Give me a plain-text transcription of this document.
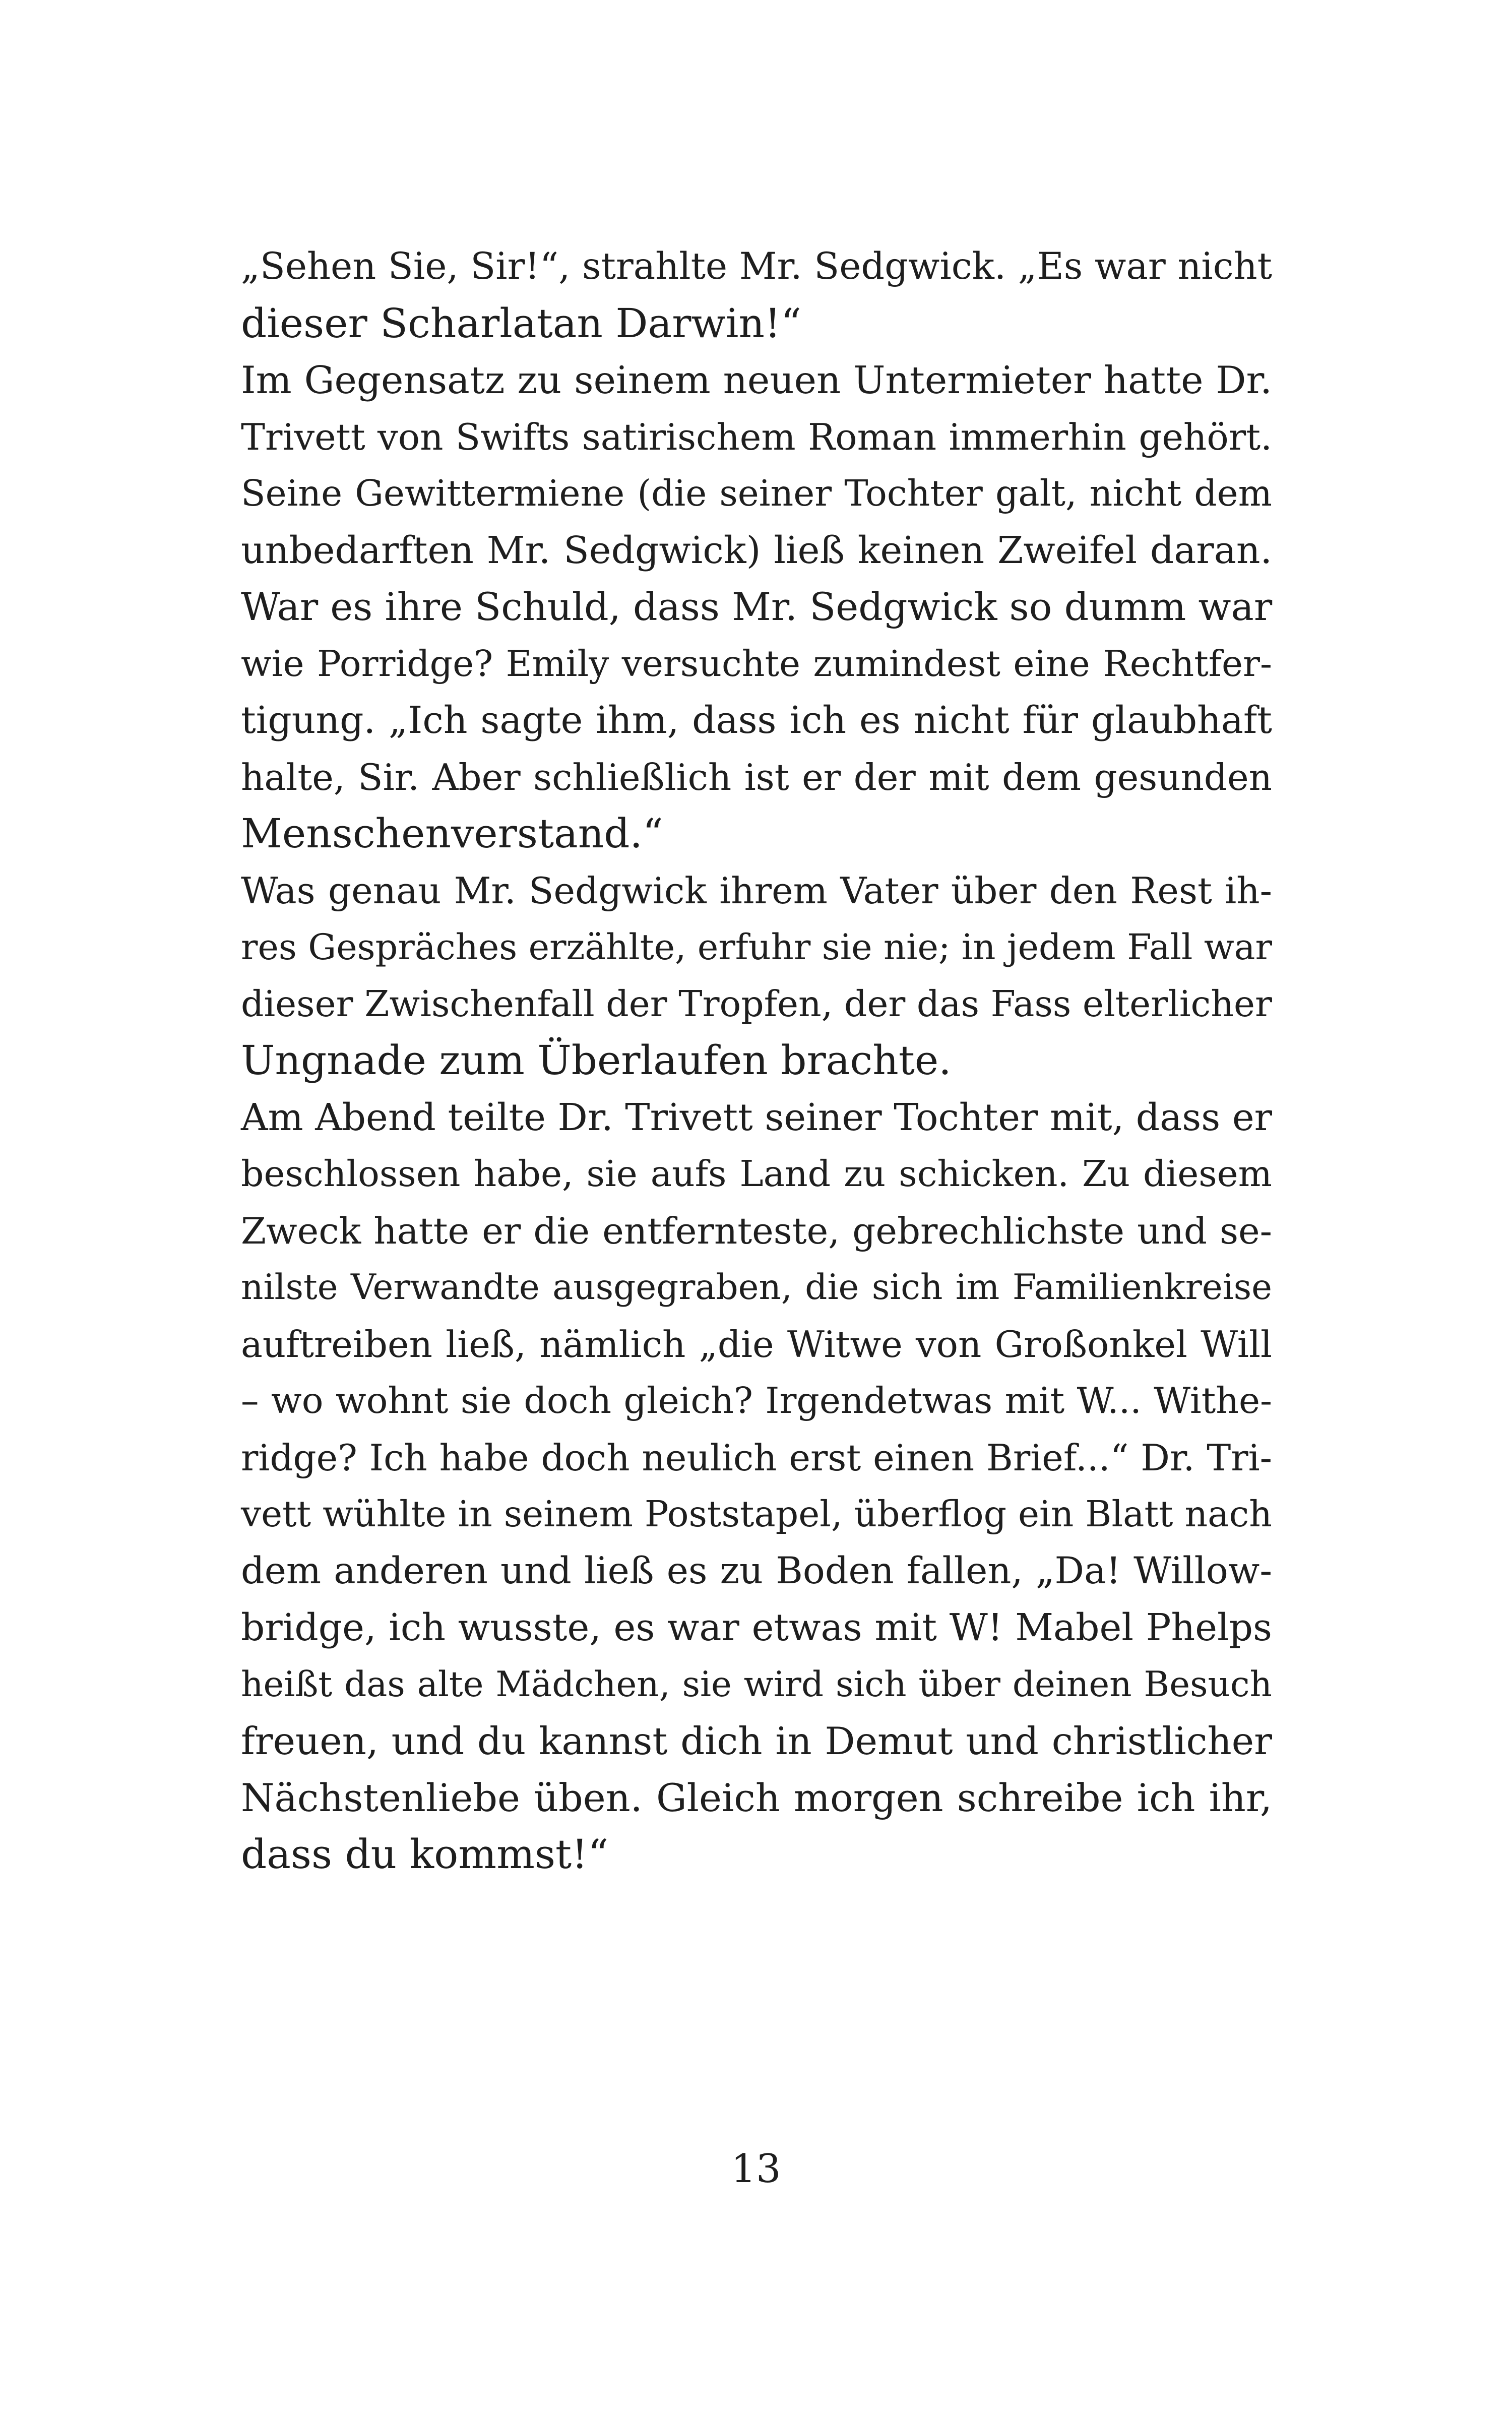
„Sehen Sie, Sir!“, strahlte Mr. Sedgwick. „Es war nicht
dieser Scharlatan Darwin!“
Im Gegensatz zu seinem neuen Untermieter hatte Dr.
Trivett von Swifts satirischem Roman immerhin gehört.
Seine Gewittermiene (die seiner Tochter galt, nicht dem
unbedarften Mr. Sedgwick) ließ keinen Zweifel daran.
War es ihre Schuld, dass Mr. Sedgwick so dumm war
wie Porridge? Emily versuchte zumindest eine Rechtfer-
tigung. „Ich sagte ihm, dass ich es nicht für glaubhaft
halte, Sir. Aber schließlich ist er der mit dem gesunden
Menschenverstand.“
Was genau Mr. Sedgwick ihrem Vater über den Rest ih-
res Gespräches erzählte, erfuhr sie nie; in jedem Fall war
dieser Zwischenfall der Tropfen, der das Fass elterlicher
Ungnade zum Überlaufen brachte.
Am Abend teilte Dr. Trivett seiner Tochter mit, dass er
beschlossen habe, sie aufs Land zu schicken. Zu diesem
Zweck hatte er die entfernteste, gebrechlichste und se-
nilste Verwandte ausgegraben, die sich im Familienkreise
auftreiben ließ, nämlich „die Witwe von Großonkel Will
– wo wohnt sie doch gleich? Irgendetwas mit W... Withe-
ridge? Ich habe doch neulich erst einen Brief...“ Dr. Tri-
vett wühlte in seinem Poststapel, überflog ein Blatt nach
dem anderen und ließ es zu Boden fallen, „Da! Willow-
bridge, ich wusste, es war etwas mit W! Mabel Phelps
heißt das alte Mädchen, sie wird sich über deinen Besuch
freuen, und du kannst dich in Demut und christlicher
Nächstenliebe üben. Gleich morgen schreibe ich ihr,
dass du kommst!“
13
